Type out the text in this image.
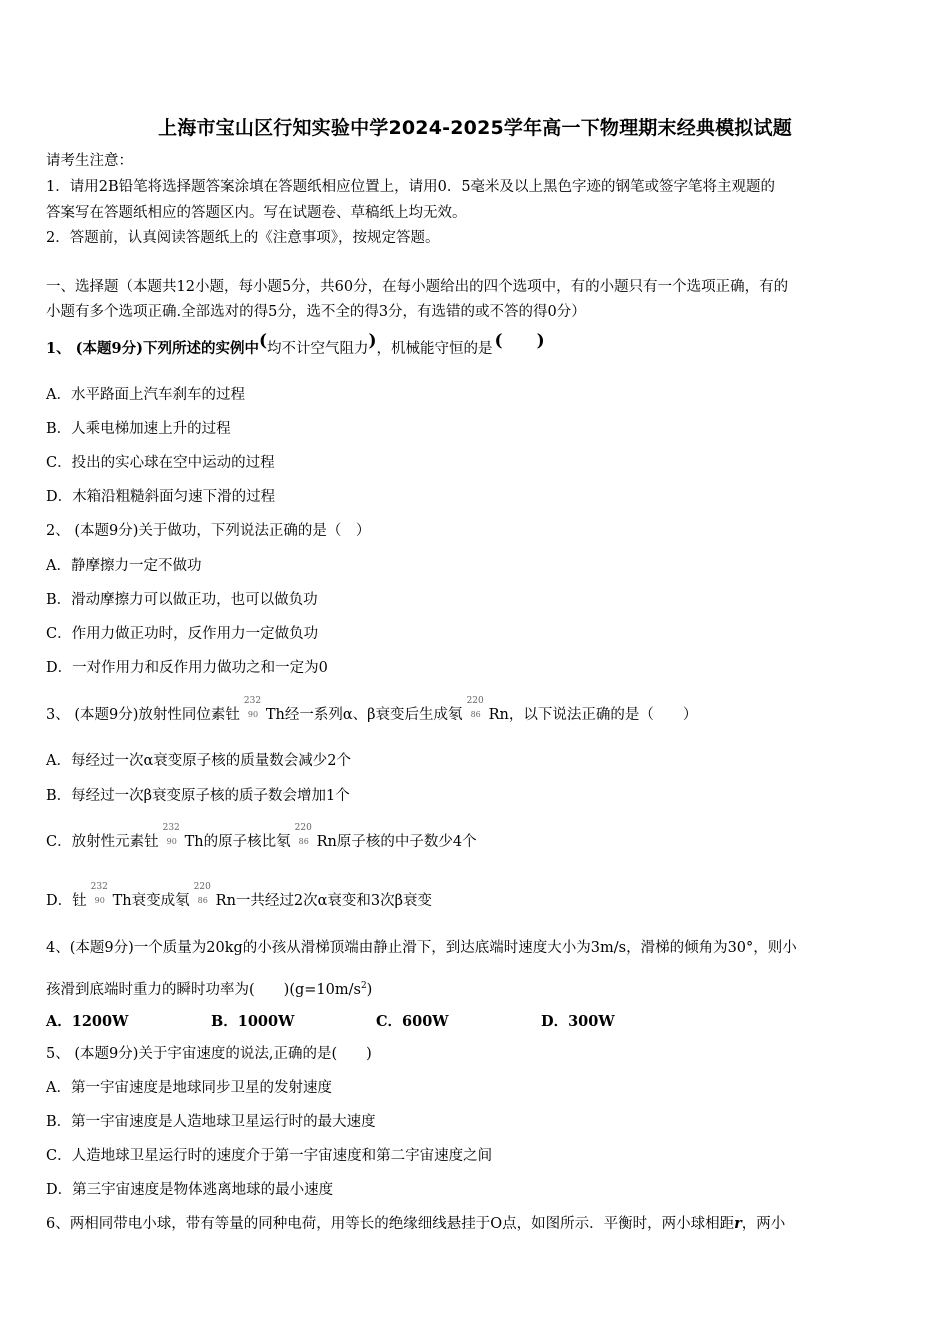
上海市宝山区行知实验中学2024-2025学年高一下物理期末经典模拟试题
请考生注意：
1．请用2B铅笔将选择题答案涂填在答题纸相应位置上，请用0．5毫米及以上黑色字迹的钢笔或签字笔将主观题的
答案写在答题纸相应的答题区内。写在试题卷、草稿纸上均无效。
2．答题前，认真阅读答题纸上的《注意事项》，按规定答题。
一、选择题（本题共12小题，每小题5分，共60分，在每小题给出的四个选项中，有的小题只有一个选项正确，有的
小题有多个选项正确.全部选对的得5分，选不全的得3分，有选错的或不答的得0分）
1、 (本题9分)下列所述的实例中(均不计空气阻力)，机械能守恒的是 (　　)
A．水平路面上汽车刹车的过程
B．人乘电梯加速上升的过程
C．投出的实心球在空中运动的过程
D．木箱沿粗糙斜面匀速下滑的过程
2、 (本题9分)关于做功，下列说法正确的是（　）
A．静摩擦力一定不做功
B．滑动摩擦力可以做正功，也可以做负功
C．作用力做正功时，反作用力一定做负功
D．一对作用力和反作用力做功之和一定为0
3、 (本题9分)放射性同位素钍
232
90 Th经一系列α、β衰变后生成氡
220
86 Rn，以下说法正确的是（　　）
A．每经过一次α衰变原子核的质量数会减少2个
B．每经过一次β衰变原子核的质子数会增加1个
C．放射性元素钍
232
90 Th的原子核比氡
220
86 Rn原子核的中子数少4个
D．钍
232
90 Th衰变成氡
220
86 Rn一共经过2次α衰变和3次β衰变
4、(本题9分)一个质量为20kg的小孩从滑梯顶端由静止滑下，到达底端时速度大小为3m/s，滑梯的倾角为30°，则小
孩滑到底端时重力的瞬时功率为(　　)$(g=10m/s^2)$
A．1200W	B．1000W	C．600W	D．300W
5、 (本题9分)关于宇宙速度的说法,正确的是(　　)
A．第一宇宙速度是地球同步卫星的发射速度
B．第一宇宙速度是人造地球卫星运行时的最大速度
C．人造地球卫星运行时的速度介于第一宇宙速度和第二宇宙速度之间
D．第三宇宙速度是物体逃离地球的最小速度
6、两相同带电小球，带有等量的同种电荷，用等长的绝缘细线悬挂于O点，如图所示．平衡时，两小球相距r，两小
